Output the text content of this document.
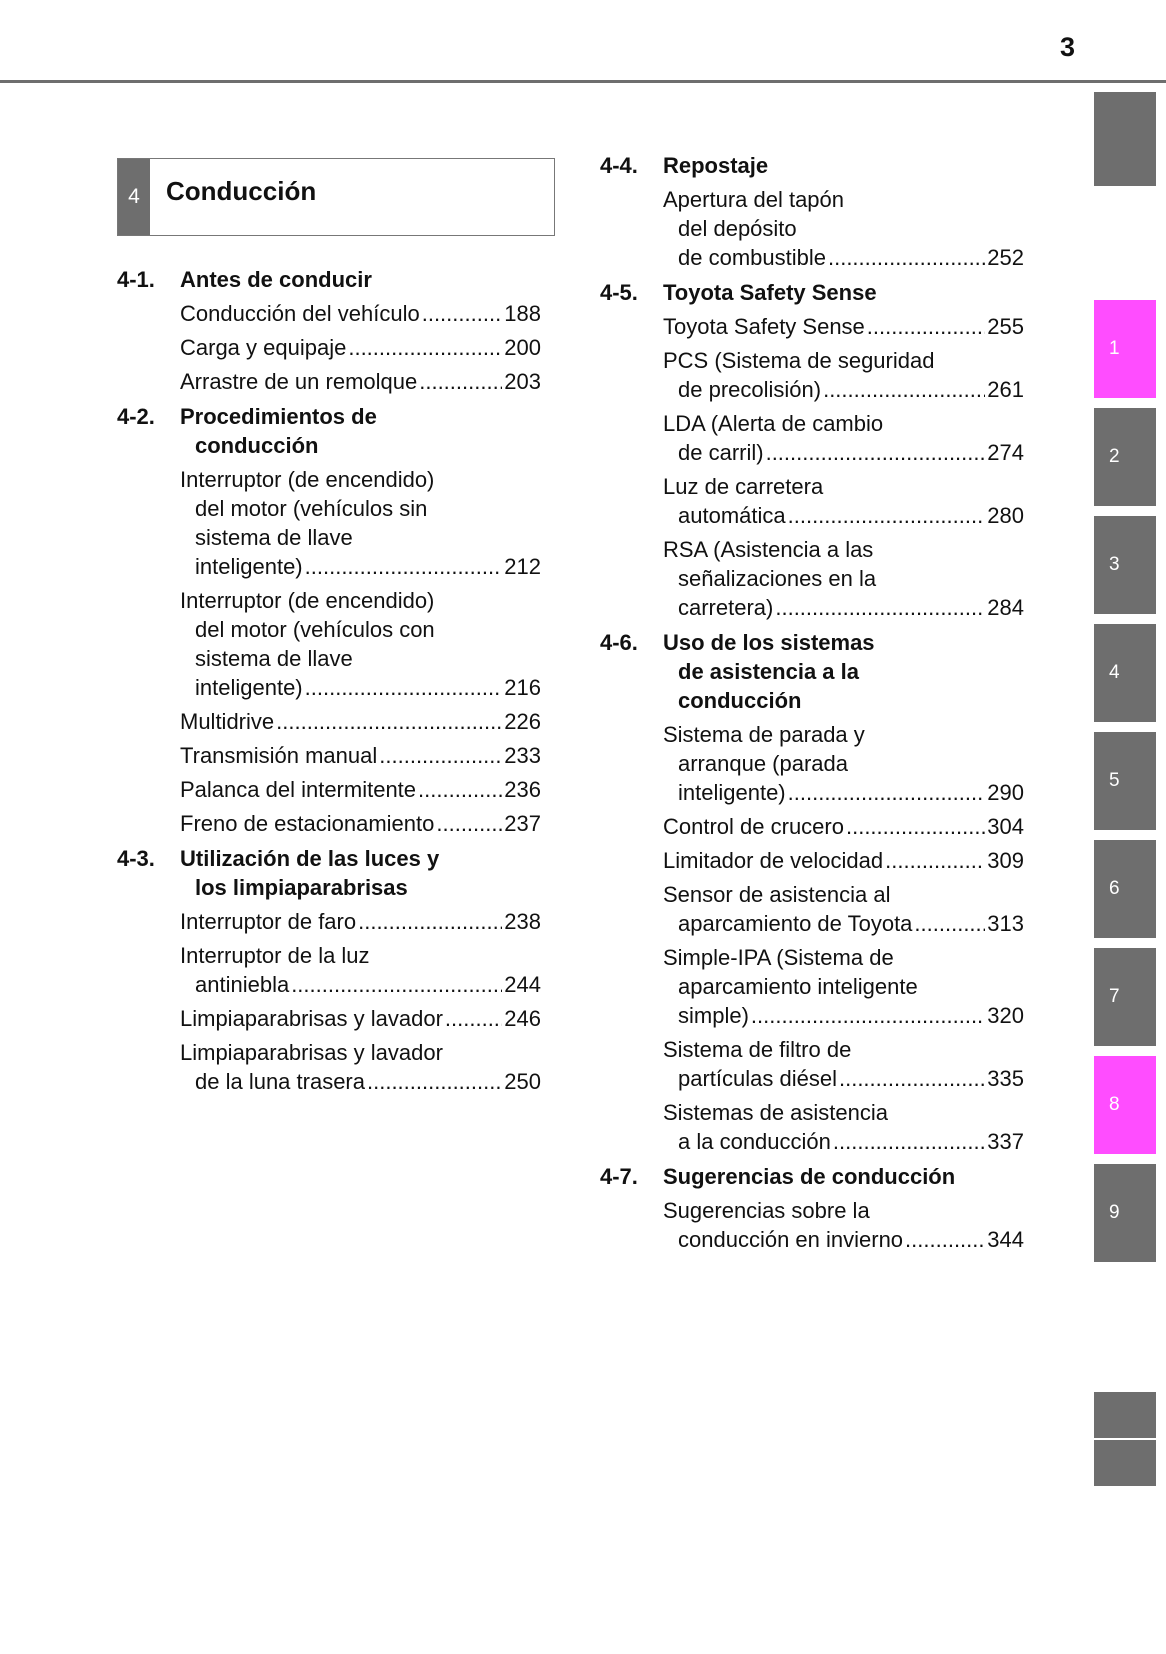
3
4	Conducción
4-1.	Antes de conducir
Conducción del vehículo .....	188
Carga y equipaje .....	200
Arrastre de un remolque .....	203
4-2.	Procedimientos de
conducción
Interruptor (de encendido)
del motor (vehículos sin
sistema de llave
inteligente) .....	212
Interruptor (de encendido)
del motor (vehículos con
sistema de llave
inteligente) .....	216
Multidrive .....	226
Transmisión manual .....	233
Palanca del intermitente .....	236
Freno de estacionamiento .....	237
4-3.	Utilización de las luces y
los limpiaparabrisas
Interruptor de faro .....	238
Interruptor de la luz
antiniebla .....	244
Limpiaparabrisas y lavador .....	246
Limpiaparabrisas y lavador
de la luna trasera .....	250
4-4.	Repostaje
Apertura del tapón
del depósito
de combustible .....	252
4-5.	Toyota Safety Sense
Toyota Safety Sense .....	255
PCS (Sistema de seguridad
de precolisión) .....	261
LDA (Alerta de cambio
de carril) .....	274
Luz de carretera
automática .....	280
RSA (Asistencia a las
señalizaciones en la
carretera) .....	284
4-6.	Uso de los sistemas
de asistencia a la
conducción
Sistema de parada y
arranque (parada
inteligente) .....	290
Control de crucero .....	304
Limitador de velocidad .....	309
Sensor de asistencia al
aparcamiento de Toyota .....	313
Simple-IPA (Sistema de
aparcamiento inteligente
simple) .....	320
Sistema de filtro de
partículas diésel .....	335
Sistemas de asistencia
a la conducción .....	337
4-7.	Sugerencias de conducción
Sugerencias sobre la
conducción en invierno .....	344
1
2
3
4
5
6
7
8
9
